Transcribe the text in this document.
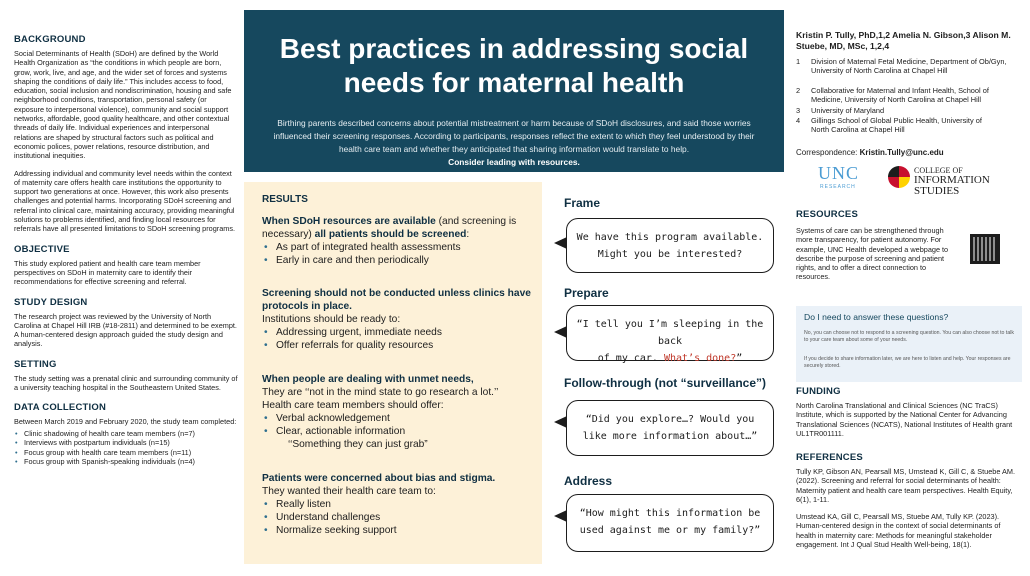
BACKGROUND
Social Determinants of Health (SDoH) are defined by the World Health Organization as “the conditions in which people are born, grow, work, live, and age, and the wider set of forces and systems shaping the conditions of daily life.” This includes access to food, education, social inclusion and nondiscrimination, housing and safe neighborhood conditions, transportation, personal safety (or exposure to interpersonal violence), community and social support networks, affordable, good quality healthcare, and other contextual threads of daily life. Individual experiences and interpersonal relations are shaped by structural factors such as political and economic polices, power relations, resource distribution, and institutional inequities.
Addressing individual and community level needs within the context of maternity care offers health care institutions the opportunity to support two generations at once. However, this work also presents challenges and potential harms. Incorporating SDoH screening and referral into clinical care, maintaining accuracy, providing meaningful solutions to problems identified, and finding local resources for referrals have all presented limitations to SDoH screening programs.
OBJECTIVE
This study explored patient and health care team member perspectives on SDoH in maternity care to identify their recommendations for effective screening and referral.
STUDY DESIGN
The research project was reviewed by the University of North Carolina at Chapel Hill IRB (#18-2811) and determined to be exempt. A human-centered design approach guided the study design and analysis.
SETTING
The study setting was a prenatal clinic and surrounding community of a university teaching hospital in the Southeastern United States.
DATA COLLECTION
Between March 2019 and February 2020, the study team completed:
• Clinic shadowing of health care team members (n=7)
• Interviews with postpartum individuals (n=15)
• Focus group with health care team members (n=11)
• Focus group with Spanish-speaking individuals (n=4)
Best practices in addressing social
needs for maternal health
Birthing parents described concerns about potential mistreatment or harm because of SDoH disclosures, and said those worries influenced their screening responses. According to participants, responses reflect the extent to which they feel understood by their health care team and whether they anticipated that sharing information would translate to help.
Consider leading with resources.
RESULTS
When SDoH resources are available (and screening is necessary) all patients should be screened:
• As part of integrated health assessments
• Early in care and then periodically
Screening should not be conducted unless clinics have protocols in place.
Institutions should be ready to:
• Addressing urgent, immediate needs
• Offer referrals for quality resources
When people are dealing with unmet needs,
They are ‘‘not in the mind state to go research a lot.’’
Health care team members should offer:
• Verbal acknowledgement
• Clear, actionable information
‘‘Something they can just grab”
Patients were concerned about bias and stigma.
They wanted their health care team to:
• Really listen
• Understand challenges
• Normalize seeking support
Frame
We have this program available.
Might you be interested?
Prepare
“I tell you I’m sleeping in the back
of my car. What’s done?”
Follow-through (not “surveillance”)
“Did you explore…? Would you
like more information about…”
Address
“How might this information be
used against me or my family?”
Kristin P. Tully, PhD,1,2 Amelia N. Gibson,3 Alison M.
Stuebe, MD, MSc, 1,2,4
1 Division of Maternal Fetal Medicine, Department of Ob/Gyn,
University of North Carolina at Chapel Hill
2 Collaborative for Maternal and Infant Health, School of
Medicine, University of North Carolina at Chapel Hill
3 University of Maryland
4 Gillings School of Global Public Health, University of
North Carolina at Chapel Hill
Correspondence: Kristin.Tully@unc.edu
UNC
RESEARCH
COLLEGE OF
INFORMATION
STUDIES
RESOURCES
Systems of care can be strengthened through more transparency, for patient autonomy. For example, UNC Health developed a webpage to describe the purpose of screening and patient rights, and to offer a direct connection to resources.
Do I need to answer these questions?
No, you can choose not to respond to a screening question. You can also choose not to talk to your care team about some of your needs.
If you decide to share information later, we are here to listen and help. Your responses are securely stored.
FUNDING
North Carolina Translational and Clinical Sciences (NC TraCS) Institute, which is supported by the National Center for Advancing Translational Sciences (NCATS), National Institutes of Health grant UL1TR001111.
REFERENCES
Tully KP, Gibson AN, Pearsall MS, Umstead K, Gill C, & Stuebe AM. (2022). Screening and referral for social determinants of health: Maternity patient and health care team perspectives. Health Equity, 6(1), 1-11.
Umstead KA, Gill C, Pearsall MS, Stuebe AM, Tully KP. (2023). Human-centered design in the context of social determinants of health in maternity care: Methods for meaningful stakeholder engagement. Int J Qual Stud Health Well-being, 18(1).
